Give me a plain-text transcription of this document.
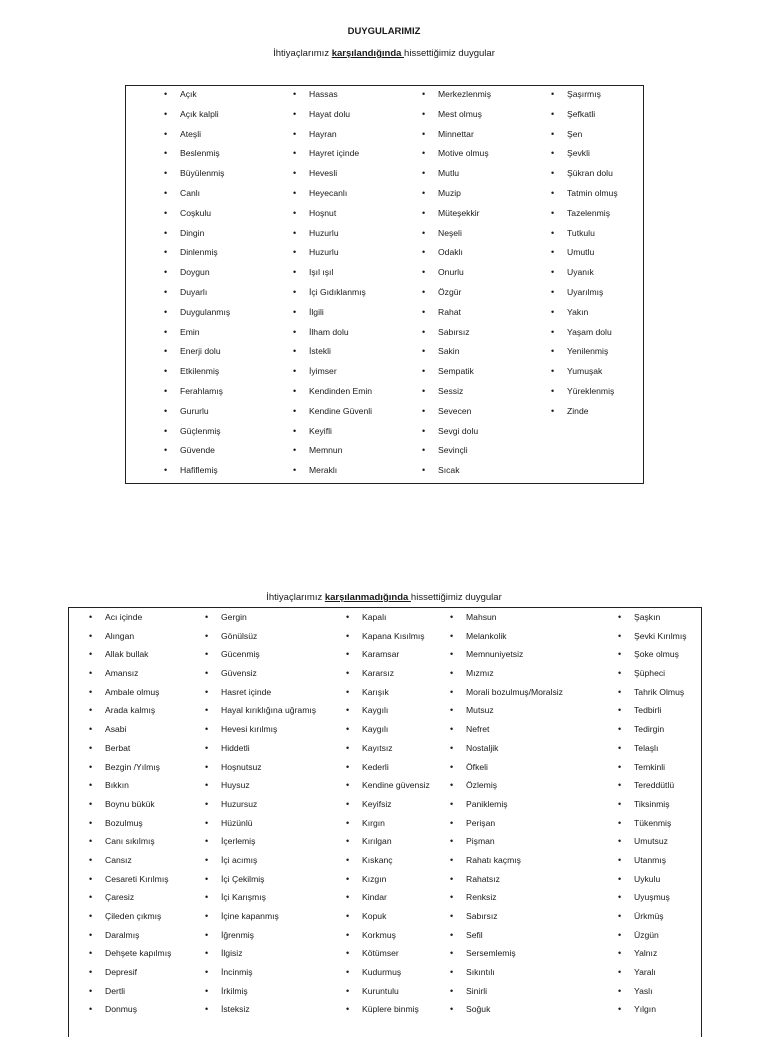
DUYGULARIMIZ
İhtiyaçlarımız karşılandığında hissettiğimiz duygular
• Açık
• Açık kalpli
• Ateşli
• Beslenmiş
• Büyülenmiş
• Canlı
• Coşkulu
• Dingin
• Dinlenmiş
• Doygun
• Duyarlı
• Duygulanmış
• Emin
• Enerji dolu
• Etkilenmiş
• Ferahlamış
• Gururlu
• Güçlenmiş
• Güvende
• Hafiflemiş
• Hassas
• Hayat dolu
• Hayran
• Hayret içinde
• Hevesli
• Heyecanlı
• Hoşnut
• Huzurlu
• Huzurlu
• Işıl ışıl
• İçi Gıdıklanmış
• İlgili
• İlham dolu
• İstekli
• İyimser
• Kendinden Emin
• Kendine Güvenli
• Keyifli
• Memnun
• Meraklı
• Merkezlenmiş
• Mest olmuş
• Minnettar
• Motive olmuş
• Mutlu
• Muzip
• Müteşekkir
• Neşeli
• Odaklı
• Onurlu
• Özgür
• Rahat
• Sabırsız
• Sakin
• Sempatik
• Sessiz
• Sevecen
• Sevgi dolu
• Sevinçli
• Sıcak
• Şaşırmış
• Şefkatli
• Şen
• Şevkli
• Şükran dolu
• Tatmin olmuş
• Tazelenmiş
• Tutkulu
• Umutlu
• Uyanık
• Uyarılmış
• Yakın
• Yaşam dolu
• Yenilenmiş
• Yumuşak
• Yüreklenmiş
• Zinde
İhtiyaçlarımız karşılanmadığında hissettiğimiz duygular
• Acı içinde
• Alıngan
• Allak bullak
• Amansız
• Ambale olmuş
• Arada kalmış
• Asabi
• Berbat
• Bezgin /Yılmış
• Bıkkın
• Boynu bükük
• Bozulmuş
• Canı sıkılmış
• Cansız
• Cesareti Kırılmış
• Çaresiz
• Çileden çıkmış
• Daralmış
• Dehşete kapılmış
• Depresif
• Dertli
• Donmuş
• Gergin
• Gönülsüz
• Gücenmiş
• Güvensiz
• Hasret içinde
• Hayal kırıklığına uğramış
• Hevesi kırılmış
• Hiddetli
• Hoşnutsuz
• Huysuz
• Huzursuz
• Hüzünlü
• İçerlemiş
• İçi acımış
• İçi Çekilmiş
• İçi Karışmış
• İçine kapanmış
• İğrenmiş
• İlgisiz
• İncinmiş
• İrkilmiş
• İsteksiz
• Kapalı
• Kapana Kısılmış
• Karamsar
• Kararsız
• Karışık
• Kaygılı
• Kaygılı
• Kayıtsız
• Kederli
• Kendine güvensiz
• Keyifsiz
• Kırgın
• Kırılgan
• Kıskanç
• Kızgın
• Kindar
• Kopuk
• Korkmuş
• Kötümser
• Kudurmuş
• Kuruntulu
• Küplere binmiş
• Mahsun
• Melankolik
• Memnuniyetsiz
• Mızmız
• Morali bozulmuş/Moralsiz
• Mutsuz
• Nefret
• Nostaljik
• Öfkeli
• Özlemiş
• Paniklemiş
• Perişan
• Pişman
• Rahatı kaçmış
• Rahatsız
• Renksiz
• Sabırsız
• Sefil
• Sersemlemiş
• Sıkıntılı
• Sinirli
• Soğuk
• Şaşkın
• Şevki Kırılmış
• Şoke olmuş
• Şüpheci
• Tahrik Olmuş
• Tedbirli
• Tedirgin
• Telaşlı
• Temkinli
• Tereddütlü
• Tiksinmiş
• Tükenmiş
• Umutsuz
• Utanmış
• Uykulu
• Uyuşmuş
• Ürkmüş
• Üzgün
• Yalnız
• Yaralı
• Yaslı
• Yılgın
